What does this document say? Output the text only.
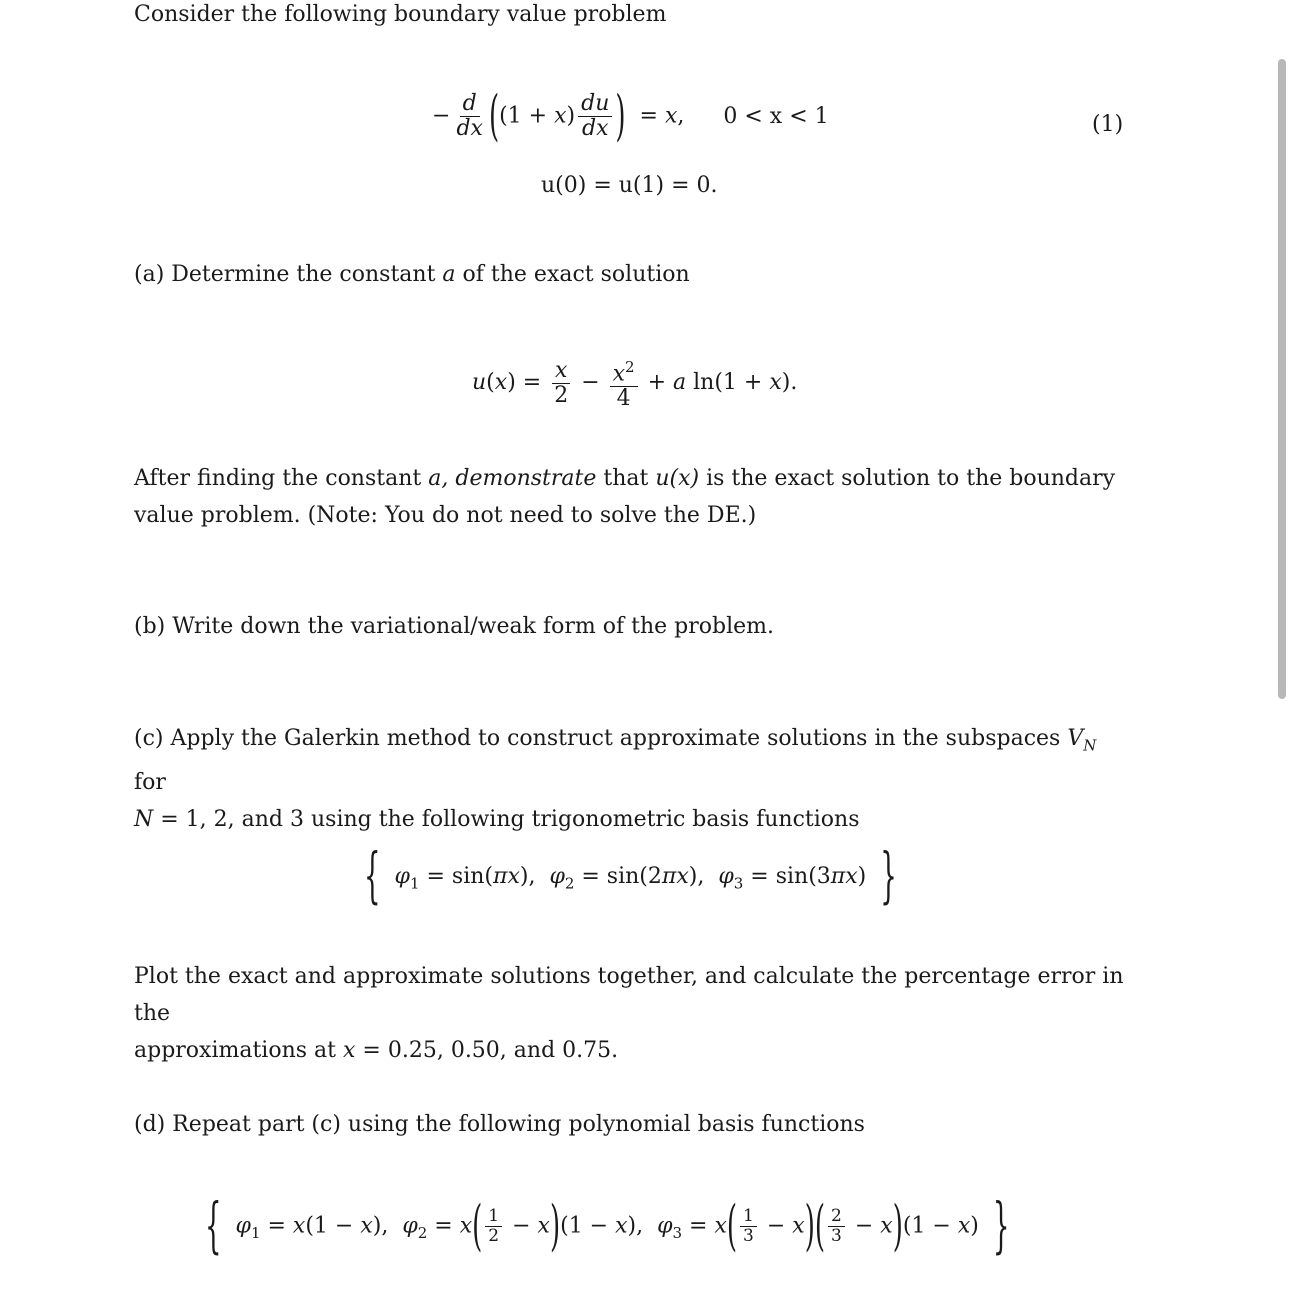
Consider the following boundary value problem
− $\frac{d}{dx} ((1 + x) \frac{du}{dx}$ )  = x, 0 < x < 1	(1)
u(0) = u(1) = 0.
(a) Determine the constant a of the exact solution
$u(x) = \frac{x}{2} - \frac{x^2}{4} + a$ ln(1 + x).
After finding the constant a, demonstrate that u(x) is the exact solution to the boundary
value problem. (Note: You do not need to solve the DE.)
(b) Write down the variational/weak form of the problem.
(c) Apply the Galerkin method to construct approximate solutions in the subspaces $V_N$ for
N = 1, 2, and 3 using the following trigonometric basis functions
{ $\varphi_1 = \sin(\pi x)$,  $\varphi_2 = \sin(2\pi x)$,  $\varphi_3 = \sin(3\pi x)$  }
Plot the exact and approximate solutions together, and calculate the percentage error in the
approximations at x = 0.25, 0.50, and 0.75.
(d) Repeat part (c) using the following polynomial basis functions
{ $\varphi_1 = x(1 - x)$,  $\varphi_2 = x( \frac{1}{2} - x)(1 - x)$,  $\varphi_3 = x( \frac{1}{3} - x)( \frac{2}{3} - x)(1 - x)$  }
